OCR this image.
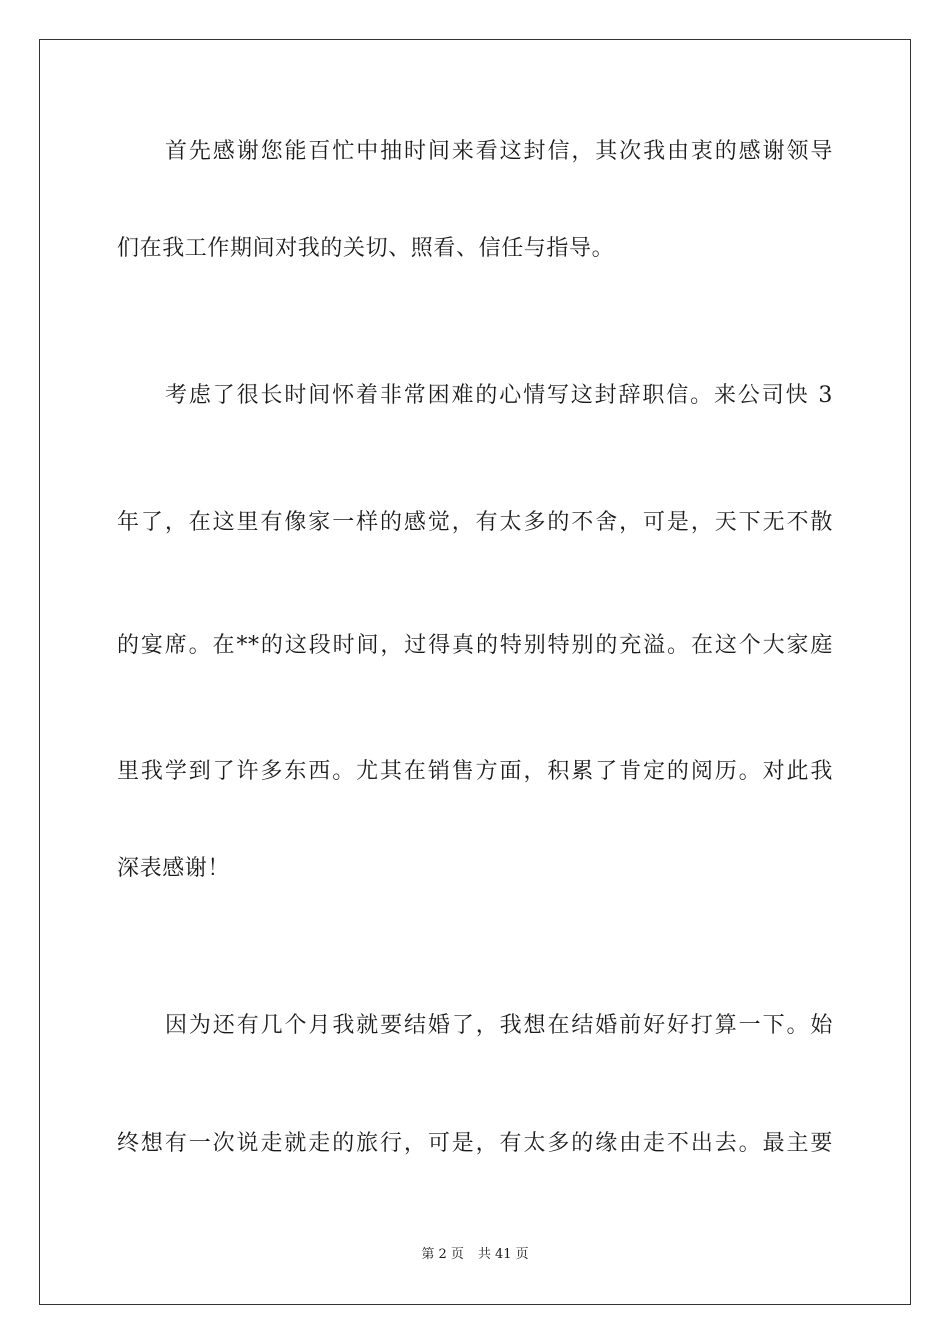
首先感谢您能百忙中抽时间来看这封信，其次我由衷的感谢领导
们在我工作期间对我的关切、照看、信任与指导。
考虑了很长时间怀着非常困难的心情写这封辞职信。来公司快 3
年了，在这里有像家一样的感觉，有太多的不舍，可是，天下无不散
的宴席。在**的这段时间，过得真的特别特别的充溢。在这个大家庭
里我学到了许多东西。尤其在销售方面，积累了肯定的阅历。对此我
深表感谢！
因为还有几个月我就要结婚了，我想在结婚前好好打算一下。始
终想有一次说走就走的旅行，可是，有太多的缘由走不出去。最主要
第 2 页 共 41 页
